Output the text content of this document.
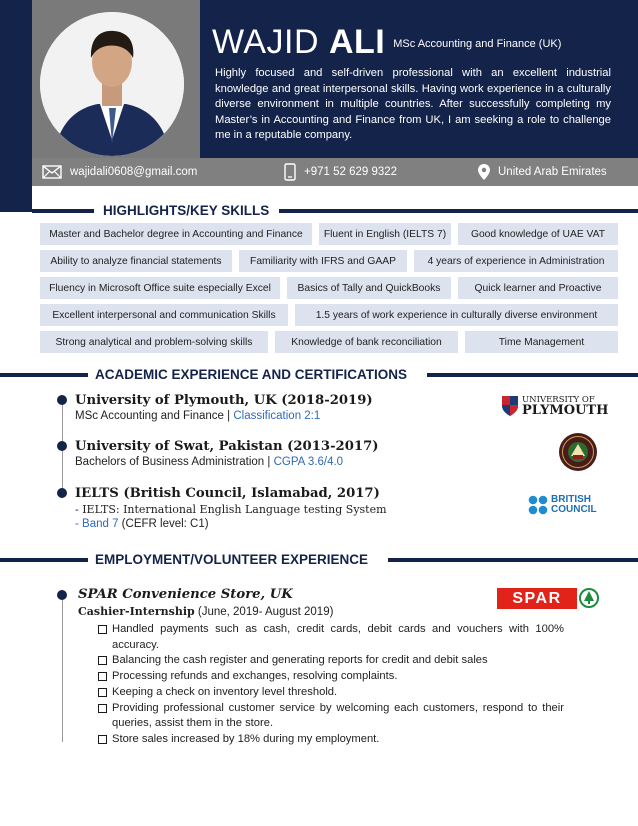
WAJID ALI MSc Accounting and Finance (UK)

Highly focused and self-driven professional with an excellent industrial knowledge and great interpersonal skills. Having work experience in a culturally diverse environment in multiple countries. After successfully completing my Master’s in Accounting and Finance from UK, I am seeking a role to challenge me in a reputable company.

wajidali0608@gmail.com	+971 52 629 9322	United Arab Emirates
HIGHLIGHTS/KEY SKILLS
Master and Bachelor degree in Accounting and Finance	Fluent in English (IELTS 7)	Good knowledge of UAE VAT
Ability to analyze financial statements	Familiarity with IFRS and GAAP	4 years of experience in Administration
Fluency in Microsoft Office suite especially Excel	Basics of Tally and QuickBooks	Quick learner and Proactive
Excellent interpersonal and communication Skills	1.5 years of work experience in culturally diverse environment
Strong analytical and problem-solving skills	Knowledge of bank reconciliation	Time Management
ACADEMIC EXPERIENCE AND CERTIFICATIONS
University of Plymouth, UK (2018-2019)
MSc Accounting and Finance | Classification 2:1
University of Swat, Pakistan (2013-2017)
Bachelors of Business Administration | CGPA 3.6/4.0
IELTS (British Council, Islamabad, 2017)
- IELTS: International English Language testing System
- Band 7 (CEFR level: C1)
UNIVERSITY OF
PLYMOUTH
BRITISH
COUNCIL
EMPLOYMENT/VOLUNTEER EXPERIENCE
SPAR Convenience Store, UK
Cashier-Internship (June, 2019- August 2019)
SPAR
Handled payments such as cash, credit cards, debit cards and vouchers with 100% accuracy.
Balancing the cash register and generating reports for credit and debit sales
Processing refunds and exchanges, resolving complaints.
Keeping a check on inventory level threshold.
Providing professional customer service by welcoming each customers, respond to their queries, assist them in the store.
Store sales increased by 18% during my employment.
